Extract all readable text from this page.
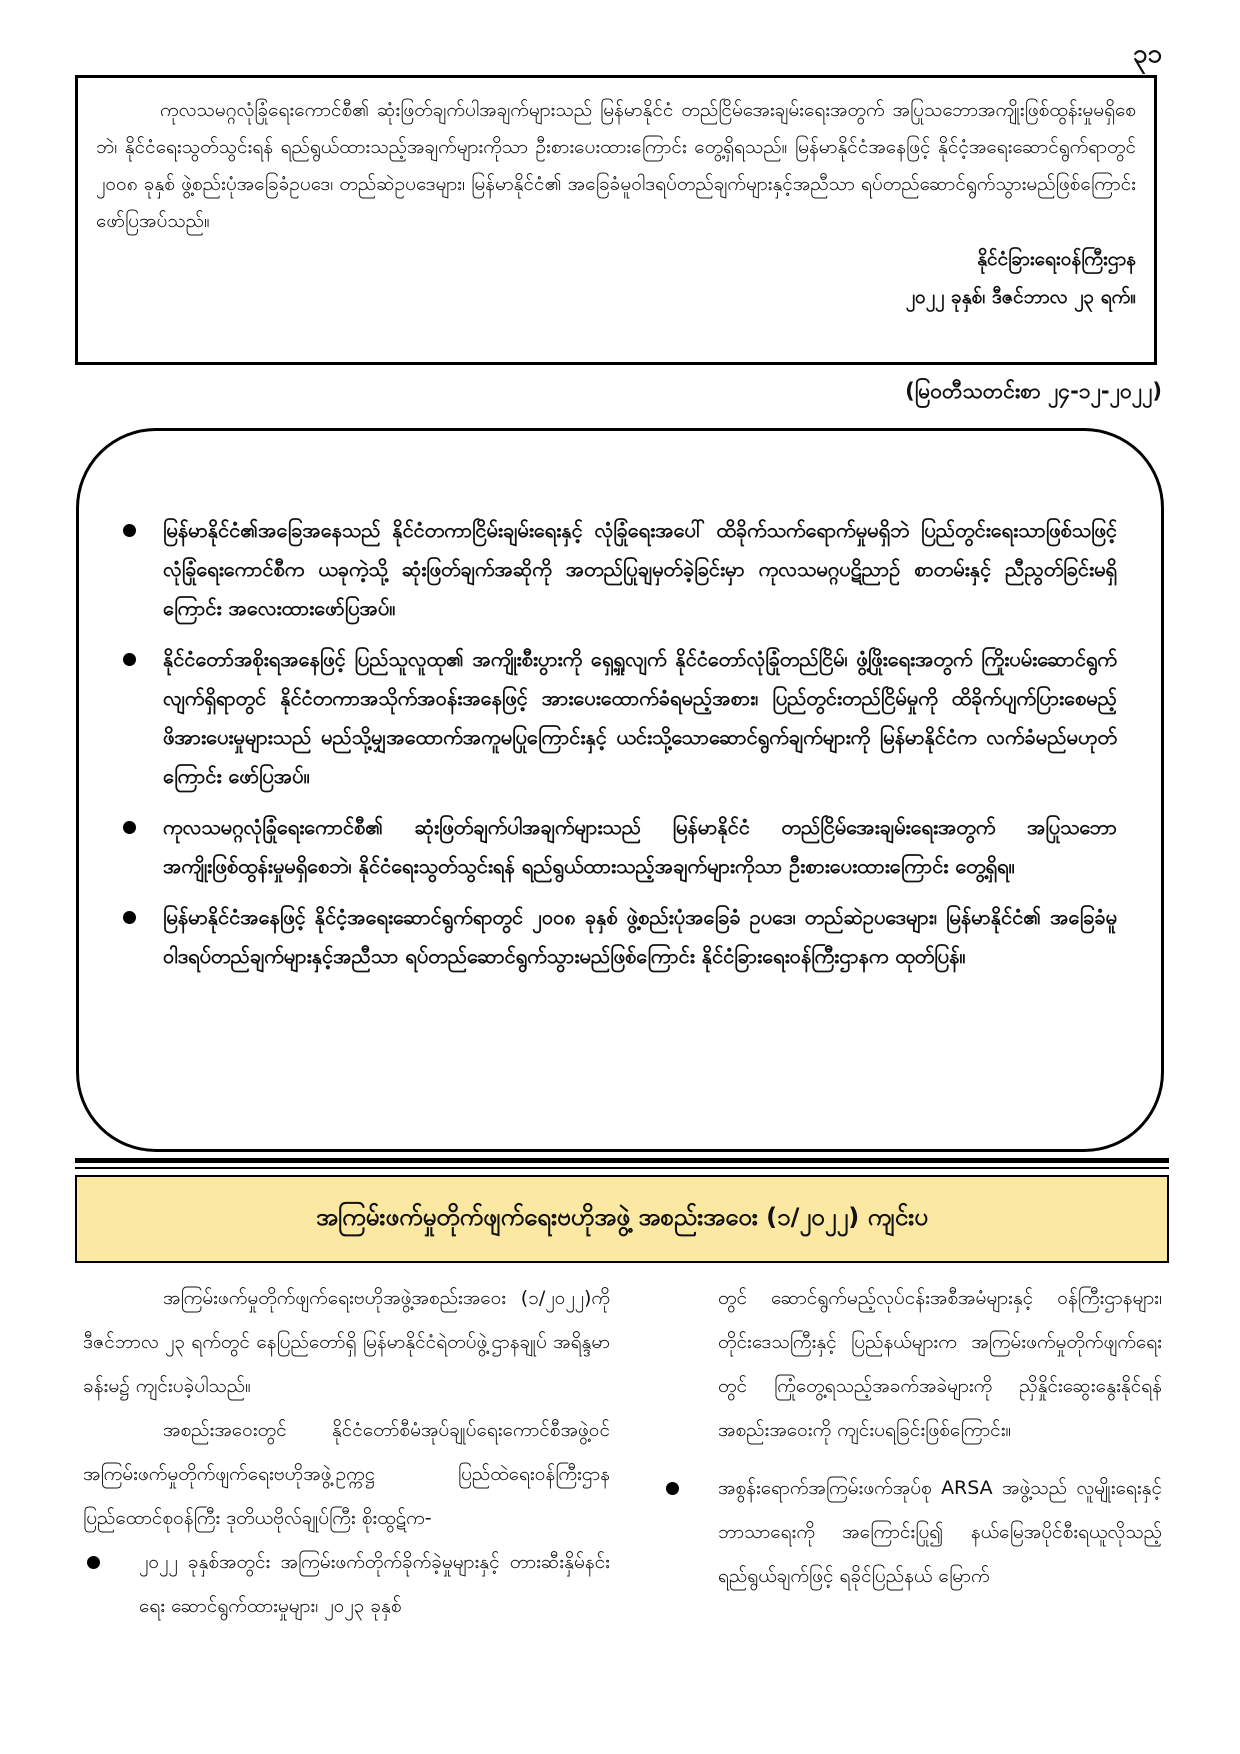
၃၁

ကုလသမဂ္ဂလုံခြုံရေးကောင်စီ၏ ဆုံးဖြတ်ချက်ပါအချက်များသည် မြန်မာနိုင်ငံ တည်ငြိမ်အေးချမ်းရေးအတွက် အပြုသဘောအကျိုးဖြစ်ထွန်းမှုမရှိစေဘဲ၊ နိုင်ငံရေးသွတ်သွင်းရန် ရည်ရွယ်ထားသည့်အချက်များကိုသာ ဦးစားပေးထားကြောင်း တွေ့ရှိရသည်။ မြန်မာနိုင်ငံအနေဖြင့် နိုင်ငံ့အရေးဆောင်ရွက်ရာတွင် ၂၀၀၈ ခုနှစ် ဖွဲ့စည်းပုံအခြေခံဥပဒေ၊ တည်ဆဲဥပဒေများ၊ မြန်မာနိုင်ငံ၏ အခြေခံမူဝါဒရပ်တည်ချက်များနှင့်အညီသာ ရပ်တည်ဆောင်ရွက်သွားမည်ဖြစ်ကြောင်း ဖော်ပြအပ်သည်။

နိုင်ငံခြားရေးဝန်ကြီးဌာန
၂၀၂၂ ခုနှစ်၊ ဒီဇင်ဘာလ ၂၃ ရက်။
(မြဝတီသတင်းစာ ၂၄-၁၂-၂၀၂၂)
မြန်မာနိုင်ငံ၏အခြေအနေသည် နိုင်ငံတကာငြိမ်းချမ်းရေးနှင့် လုံခြုံရေးအပေါ် ထိခိုက်သက်ရောက်မှုမရှိဘဲ ပြည်တွင်းရေးသာဖြစ်သဖြင့် လုံခြုံရေးကောင်စီက ယခုကဲ့သို့ ဆုံးဖြတ်ချက်အဆိုကို အတည်ပြုချမှတ်ခဲ့ခြင်းမှာ ကုလသမဂ္ဂပဋိညာဉ် စာတမ်းနှင့် ညီညွတ်ခြင်းမရှိကြောင်း အလေးထားဖော်ပြအပ်။
နိုင်ငံတော်အစိုးရအနေဖြင့် ပြည်သူလူထု၏ အကျိုးစီးပွားကို ရှေ့ရှုလျက် နိုင်ငံတော်လုံခြုံတည်ငြိမ်၊ ဖွံ့ဖြိုးရေးအတွက် ကြိုးပမ်းဆောင်ရွက်လျက်ရှိရာတွင် နိုင်ငံတကာအသိုက်အဝန်းအနေဖြင့် အားပေးထောက်ခံရမည့်အစား၊ ပြည်တွင်းတည်ငြိမ်မှုကို ထိခိုက်ပျက်ပြားစေမည့် ဖိအားပေးမှုများသည် မည်သို့မျှအထောက်အကူမပြုကြောင်းနှင့် ယင်းသို့သောဆောင်ရွက်ချက်များကို မြန်မာနိုင်ငံက လက်ခံမည်မဟုတ်ကြောင်း ဖော်ပြအပ်။
ကုလသမဂ္ဂလုံခြုံရေးကောင်စီ၏ ဆုံးဖြတ်ချက်ပါအချက်များသည် မြန်မာနိုင်ငံ တည်ငြိမ်အေးချမ်းရေးအတွက် အပြုသဘောအကျိုးဖြစ်ထွန်းမှုမရှိစေဘဲ၊ နိုင်ငံရေးသွတ်သွင်းရန် ရည်ရွယ်ထားသည့်အချက်များကိုသာ ဦးစားပေးထားကြောင်း တွေ့ရှိရ။
မြန်မာနိုင်ငံအနေဖြင့် နိုင်ငံ့အရေးဆောင်ရွက်ရာတွင် ၂၀၀၈ ခုနှစ် ဖွဲ့စည်းပုံအခြေခံ ဥပဒေ၊ တည်ဆဲဥပဒေများ၊ မြန်မာနိုင်ငံ၏ အခြေခံမူဝါဒရပ်တည်ချက်များနှင့်အညီသာ ရပ်တည်ဆောင်ရွက်သွားမည်ဖြစ်ကြောင်း နိုင်ငံခြားရေးဝန်ကြီးဌာနက ထုတ်ပြန်။
အကြမ်းဖက်မှုတိုက်ဖျက်ရေးဗဟိုအဖွဲ့ အစည်းအဝေး (၁/၂၀၂၂) ကျင်းပ

အကြမ်းဖက်မှုတိုက်ဖျက်ရေးဗဟိုအဖွဲ့အစည်းအဝေး (၁/၂၀၂၂)ကို ဒီဇင်ဘာလ ၂၃ ရက်တွင် နေပြည်တော်ရှိ မြန်မာနိုင်ငံရဲတပ်ဖွဲ့ဌာနချုပ် အရိန္ဒမာခန်းမ၌ ကျင်းပခဲ့ပါသည်။

အစည်းအဝေးတွင် နိုင်ငံတော်စီမံအုပ်ချုပ်ရေးကောင်စီအဖွဲ့ဝင် အကြမ်းဖက်မှုတိုက်ဖျက်ရေးဗဟိုအဖွဲ့ဥက္ကဋ္ဌ ပြည်ထဲရေးဝန်ကြီးဌာန ပြည်ထောင်စုဝန်ကြီး ဒုတိယဗိုလ်ချုပ်ကြီး စိုးထွဋ်က-

၂၀၂၂ ခုနှစ်အတွင်း အကြမ်းဖက်တိုက်ခိုက်ခဲ့မှုများနှင့် တားဆီးနှိမ်နင်းရေး ဆောင်ရွက်ထားမှုများ၊ ၂၀၂၃ ခုနှစ်
တွင် ဆောင်ရွက်မည့်လုပ်ငန်းအစီအမံများနှင့် ဝန်ကြီးဌာနများ၊ တိုင်းဒေသကြီးနှင့် ပြည်နယ်များက အကြမ်းဖက်မှုတိုက်ဖျက်ရေးတွင် ကြုံတွေ့ရသည့်အခက်အခဲများကို ညှိနှိုင်းဆွေးနွေးနိုင်ရန် အစည်းအဝေးကို ကျင်းပရခြင်းဖြစ်ကြောင်း။
အစွန်းရောက်အကြမ်းဖက်အုပ်စု ARSA အဖွဲ့သည် လူမျိုးရေးနှင့်ဘာသာရေးကို အကြောင်းပြု၍ နယ်မြေအပိုင်စီးရယူလိုသည့် ရည်ရွယ်ချက်ဖြင့် ရခိုင်ပြည်နယ် မြောက်
